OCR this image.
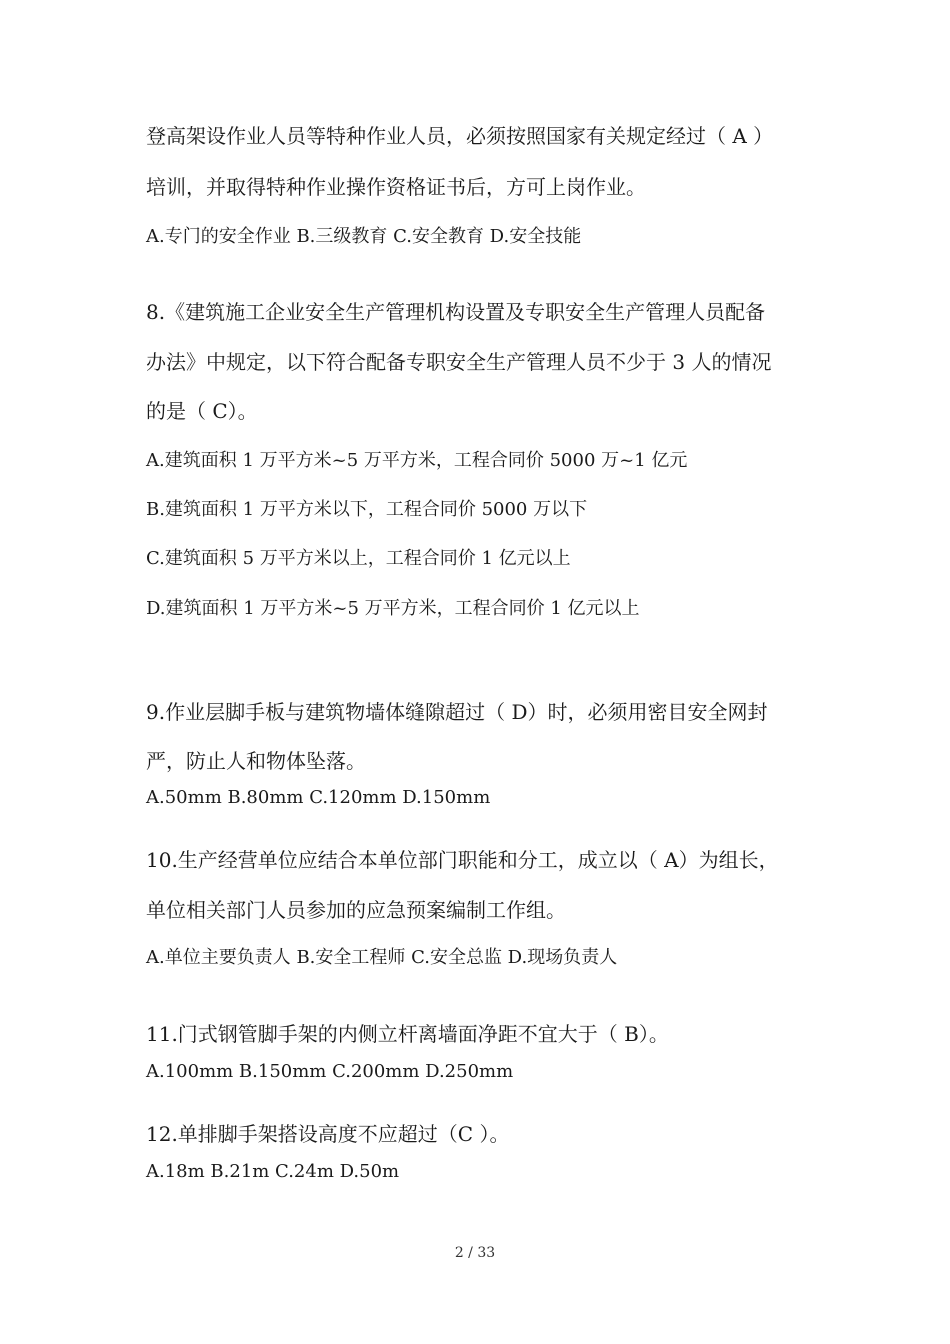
登高架设作业人员等特种作业人员，必须按照国家有关规定经过（ A ）
培训，并取得特种作业操作资格证书后，方可上岗作业。
A.专门的安全作业 B.三级教育 C.安全教育 D.安全技能
8.《建筑施工企业安全生产管理机构设置及专职安全生产管理人员配备
办法》中规定，以下符合配备专职安全生产管理人员不少于 3 人的情况
的是（ C）。
A.建筑面积 1 万平方米~5 万平方米，工程合同价 5000 万~1 亿元
B.建筑面积 1 万平方米以下，工程合同价 5000 万以下
C.建筑面积 5 万平方米以上，工程合同价 1 亿元以上
D.建筑面积 1 万平方米~5 万平方米，工程合同价 1 亿元以上
9.作业层脚手板与建筑物墙体缝隙超过（ D）时，必须用密目安全网封
严，防止人和物体坠落。
A.50mm B.80mm C.120mm D.150mm
10.生产经营单位应结合本单位部门职能和分工，成立以（ A）为组长，
单位相关部门人员参加的应急预案编制工作组。
A.单位主要负责人 B.安全工程师 C.安全总监 D.现场负责人
11.门式钢管脚手架的内侧立杆离墙面净距不宜大于（ B）。
A.100mm B.150mm C.200mm D.250mm
12.单排脚手架搭设高度不应超过（C ）。
A.18m B.21m C.24m D.50m
2 / 33
